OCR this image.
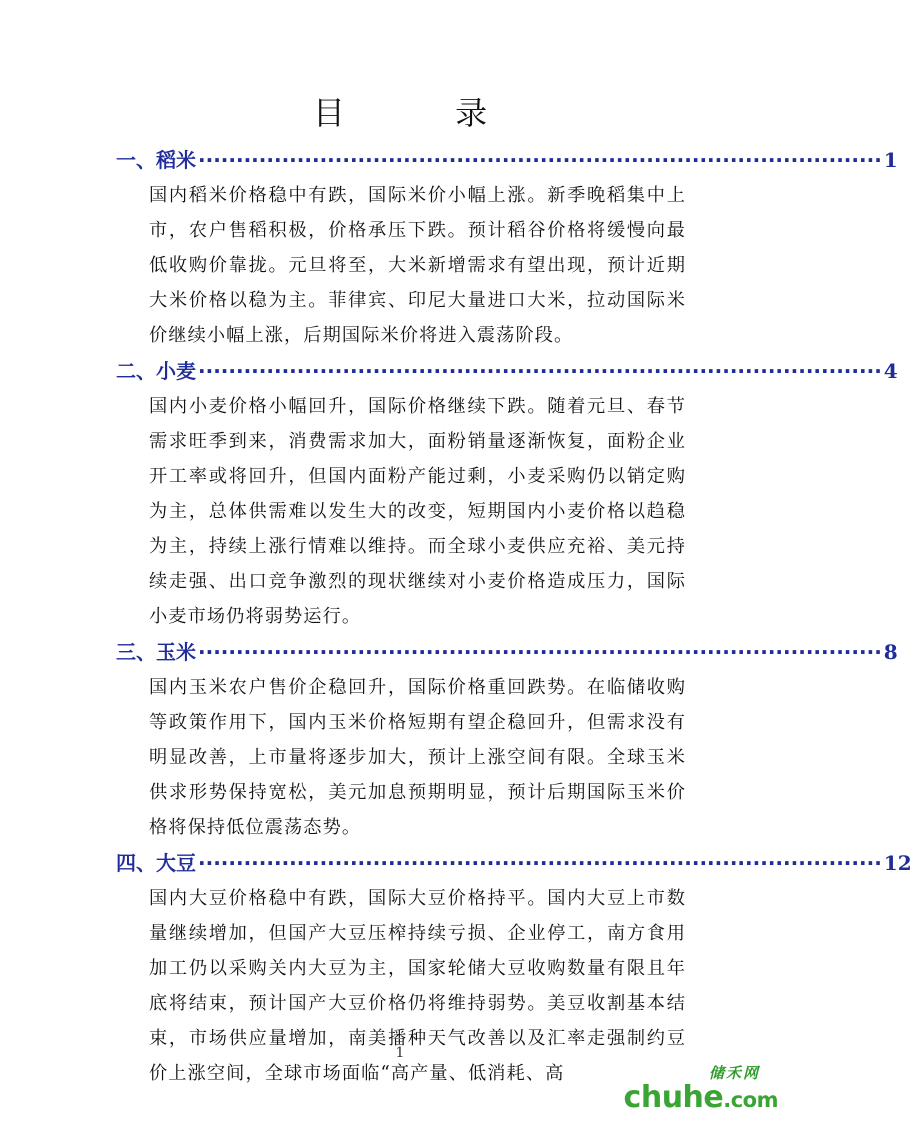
目 录
一、稻米 ·························································································· 1

国内稻米价格稳中有跌，国际米价小幅上涨。新季晚稻集中上市，农户售稻积极，价格承压下跌。预计稻谷价格将缓慢向最低收购价靠拢。元旦将至，大米新增需求有望出现，预计近期大米价格以稳为主。菲律宾、印尼大量进口大米，拉动国际米价继续小幅上涨，后期国际米价将进入震荡阶段。

二、小麦 ·························································································· 4

国内小麦价格小幅回升，国际价格继续下跌。随着元旦、春节需求旺季到来，消费需求加大，面粉销量逐渐恢复，面粉企业开工率或将回升，但国内面粉产能过剩，小麦采购仍以销定购为主，总体供需难以发生大的改变，短期国内小麦价格以趋稳为主，持续上涨行情难以维持。而全球小麦供应充裕、美元持续走强、出口竞争激烈的现状继续对小麦价格造成压力，国际小麦市场仍将弱势运行。

三、玉米 ·························································································· 8

国内玉米农户售价企稳回升，国际价格重回跌势。在临储收购等政策作用下，国内玉米价格短期有望企稳回升，但需求没有明显改善，上市量将逐步加大，预计上涨空间有限。全球玉米供求形势保持宽松，美元加息预期明显，预计后期国际玉米价格将保持低位震荡态势。

四、大豆 ·························································································· 12

国内大豆价格稳中有跌，国际大豆价格持平。国内大豆上市数量继续增加，但国产大豆压榨持续亏损、企业停工，南方食用加工仍以采购关内大豆为主，国家轮储大豆收购数量有限且年底将结束，预计国产大豆价格仍将维持弱势。美豆收割基本结束，市场供应量增加，南美播种天气改善以及汇率走强制约豆价上涨空间，全球市场面临“高产量、低消耗、高

1
储禾网
chuhe.com
